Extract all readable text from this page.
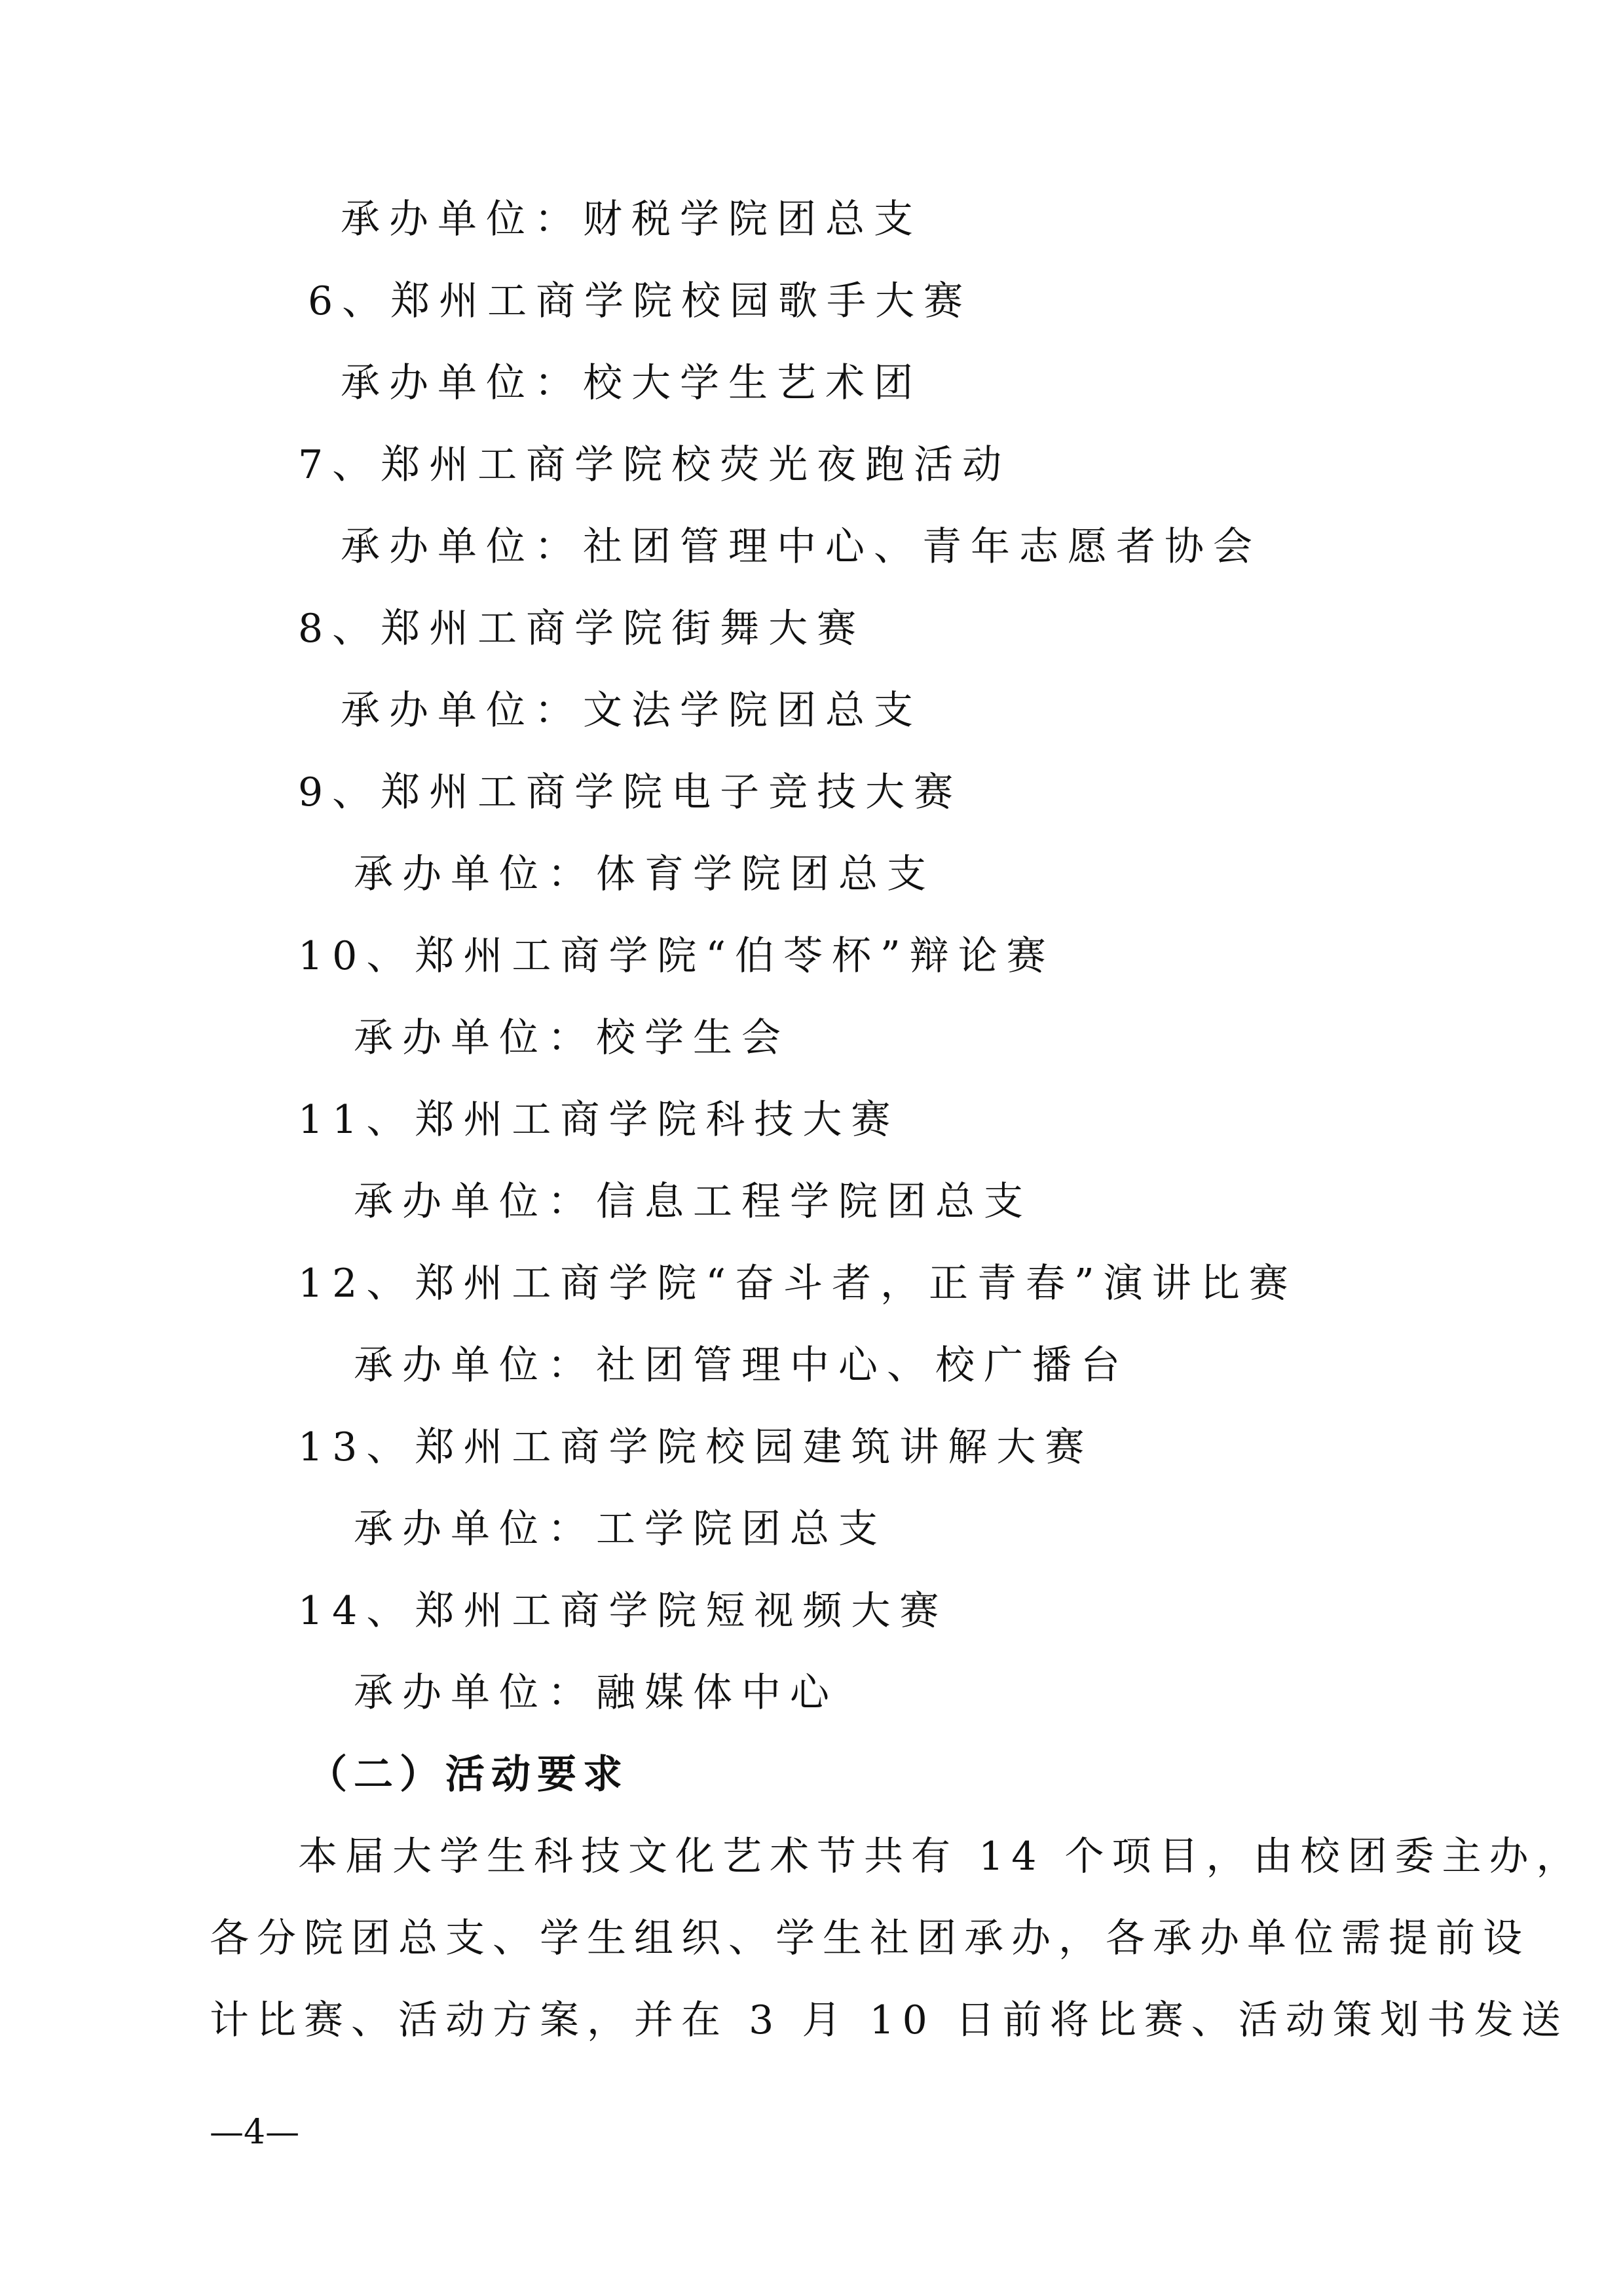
承办单位：财税学院团总支
6、郑州工商学院校园歌手大赛
承办单位：校大学生艺术团
7、郑州工商学院校荧光夜跑活动
承办单位：社团管理中心、青年志愿者协会
8、郑州工商学院街舞大赛
承办单位：文法学院团总支
9、郑州工商学院电子竞技大赛
承办单位：体育学院团总支
10、郑州工商学院“伯苓杯”辩论赛
承办单位：校学生会
11、郑州工商学院科技大赛
承办单位：信息工程学院团总支
12、郑州工商学院“奋斗者，正青春”演讲比赛
承办单位：社团管理中心、校广播台
13、郑州工商学院校园建筑讲解大赛
承办单位：工学院团总支
14、郑州工商学院短视频大赛
承办单位：融媒体中心
（二）活动要求
本届大学生科技文化艺术节共有 14 个项目，由校团委主办，
各分院团总支、学生组织、学生社团承办，各承办单位需提前设
计比赛、活动方案，并在 3 月 10 日前将比赛、活动策划书发送
—4—
